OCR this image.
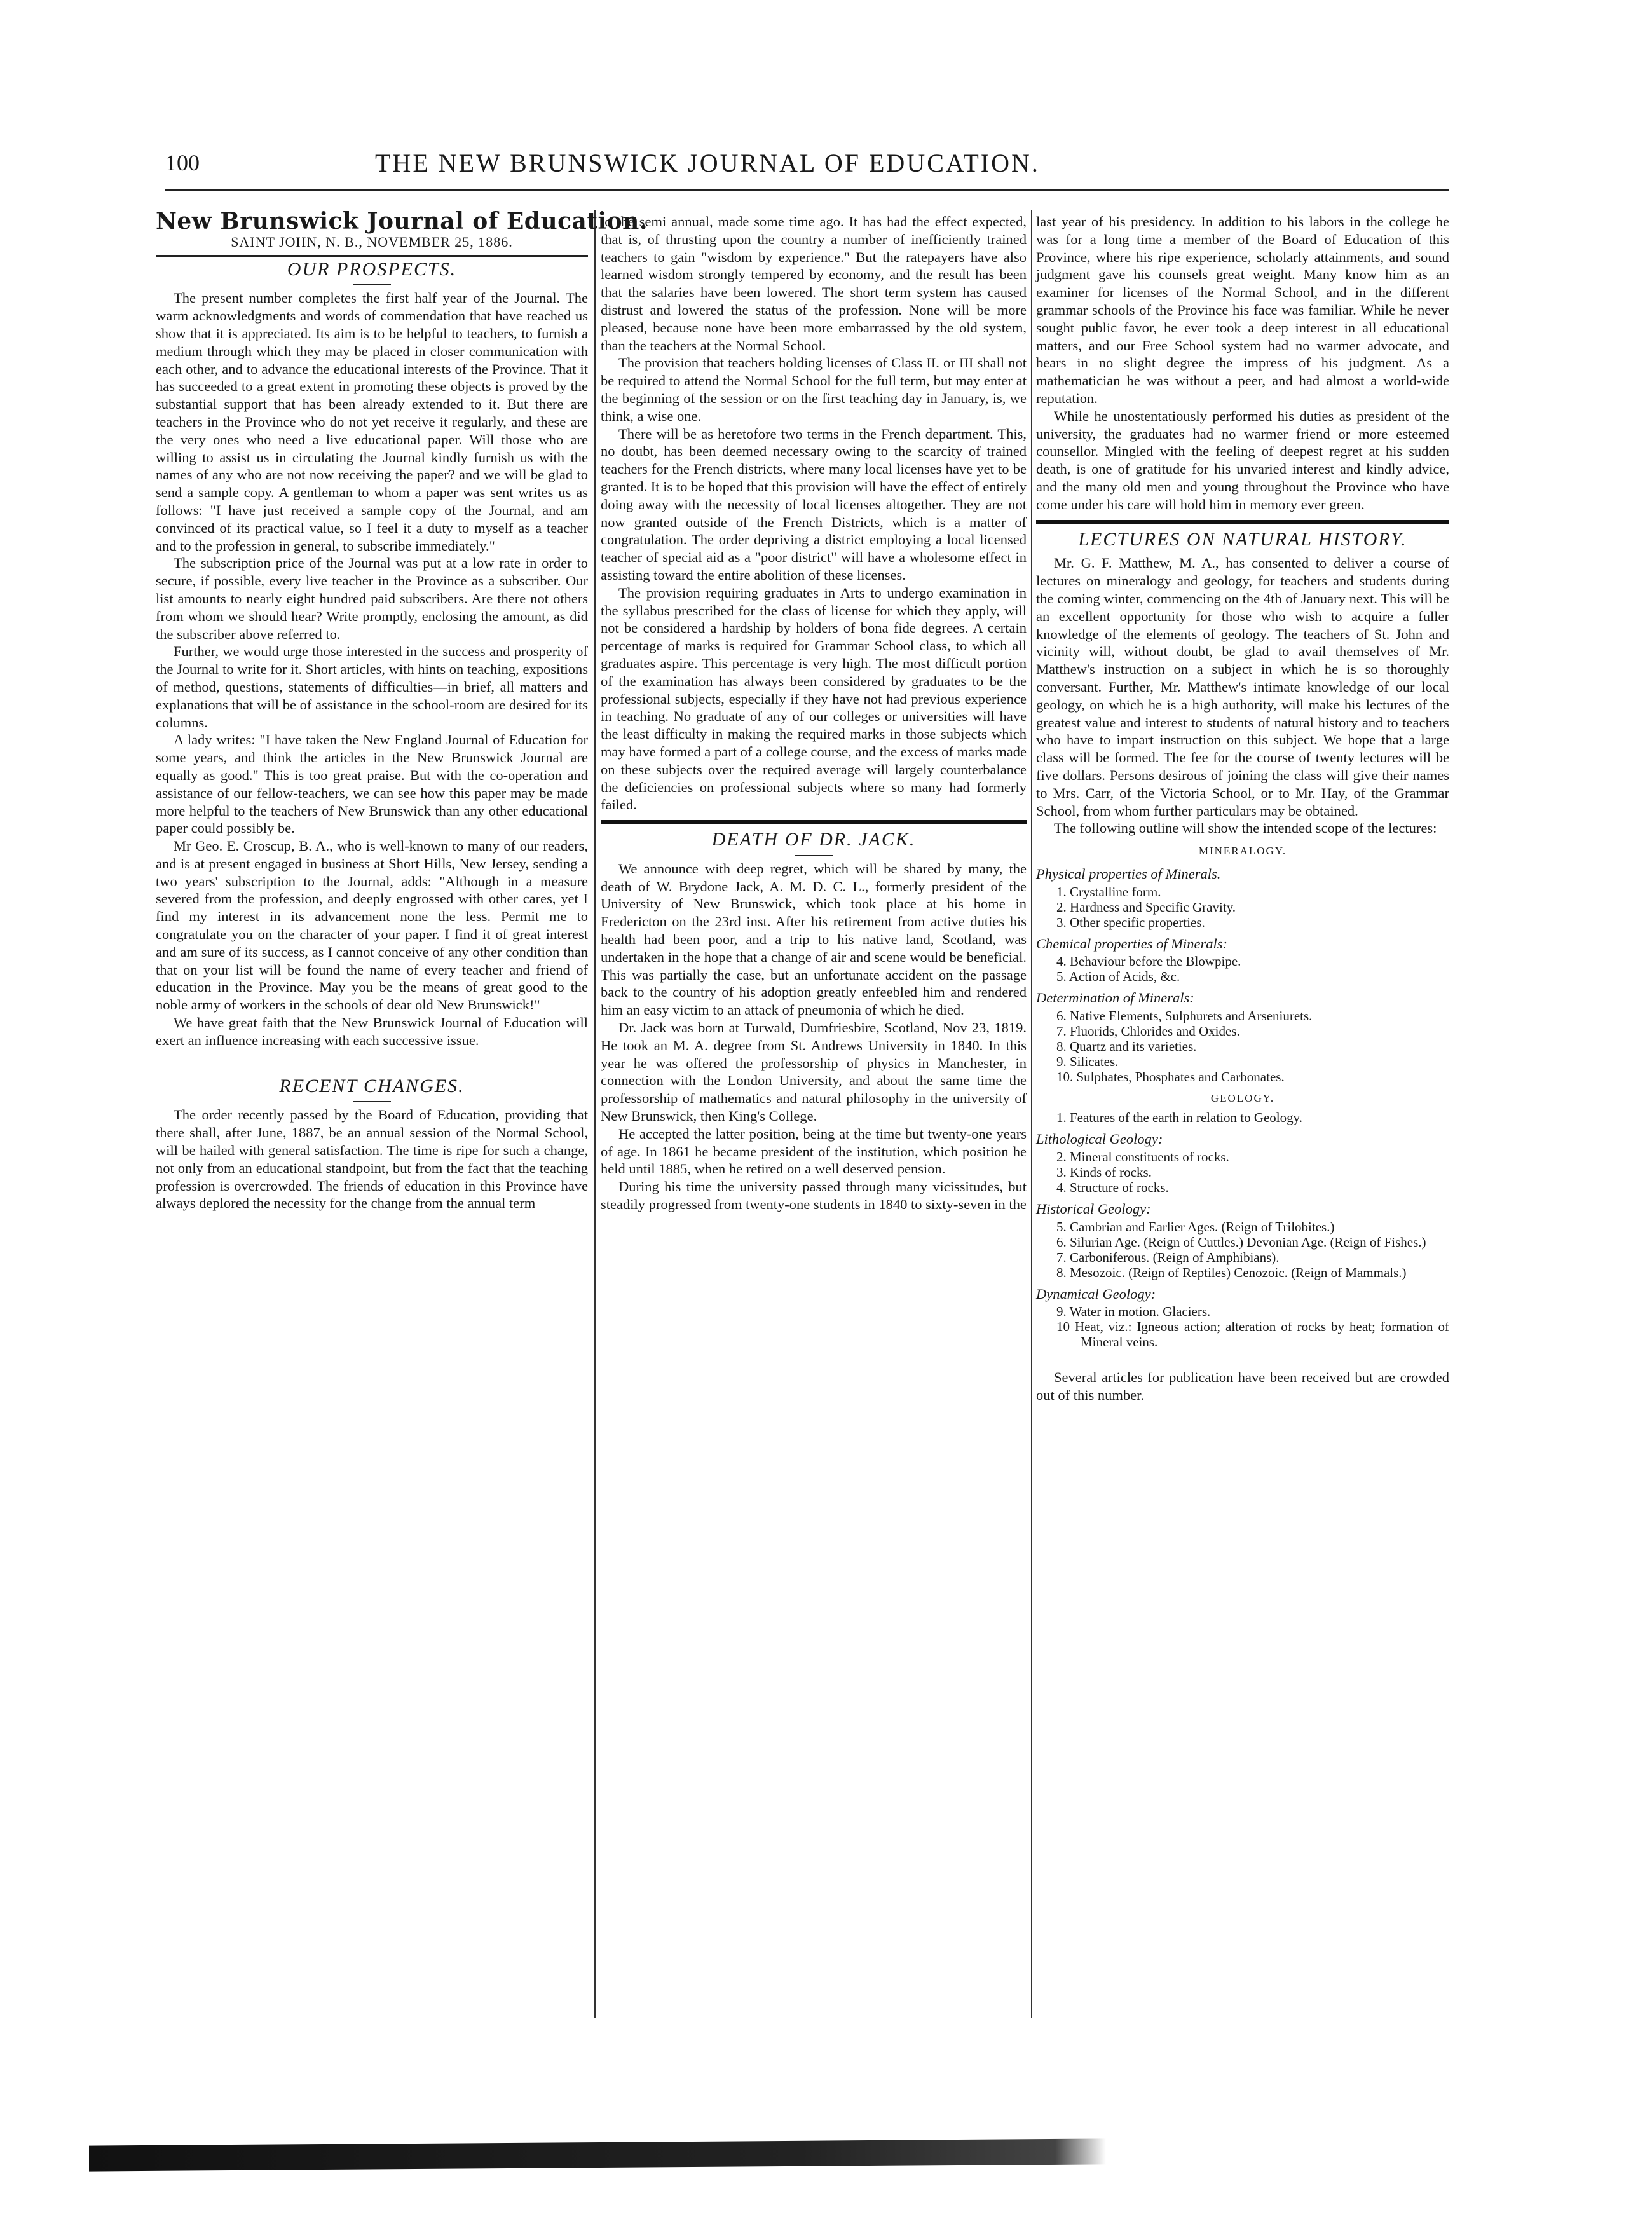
100	THE NEW BRUNSWICK JOURNAL OF EDUCATION.
New Brunswick Journal of Education.
SAINT JOHN, N. B., NOVEMBER 25, 1886.
OUR PROSPECTS.

The present number completes the first half year of the Journal. The warm acknowledgments and words of commendation that have reached us show that it is appreciated. Its aim is to be helpful to teachers, to furnish a medium through which they may be placed in closer communication with each other, and to advance the educational interests of the Province. That it has succeeded to a great extent in promoting these objects is proved by the substantial support that has been already extended to it. But there are teachers in the Province who do not yet receive it regularly, and these are the very ones who need a live educational paper. Will those who are willing to assist us in circulating the Journal kindly furnish us with the names of any who are not now receiving the paper? and we will be glad to send a sample copy. A gentleman to whom a paper was sent writes us as follows: "I have just received a sample copy of the Journal, and am convinced of its practical value, so I feel it a duty to myself as a teacher and to the profession in general, to subscribe immediately."

The subscription price of the Journal was put at a low rate in order to secure, if possible, every live teacher in the Province as a subscriber. Our list amounts to nearly eight hundred paid subscribers. Are there not others from whom we should hear? Write promptly, enclosing the amount, as did the subscriber above referred to.

Further, we would urge those interested in the success and prosperity of the Journal to write for it. Short articles, with hints on teaching, expositions of method, questions, statements of difficulties—in brief, all matters and explanations that will be of assistance in the school-room are desired for its columns.

A lady writes: "I have taken the New England Journal of Education for some years, and think the articles in the New Brunswick Journal are equally as good." This is too great praise. But with the co-operation and assistance of our fellow-teachers, we can see how this paper may be made more helpful to the teachers of New Brunswick than any other educational paper could possibly be.

Mr Geo. E. Croscup, B. A., who is well-known to many of our readers, and is at present engaged in business at Short Hills, New Jersey, sending a two years' subscription to the Journal, adds: "Although in a measure severed from the profession, and deeply engrossed with other cares, yet I find my interest in its advancement none the less. Permit me to congratulate you on the character of your paper. I find it of great interest and am sure of its success, as I cannot conceive of any other condition than that on your list will be found the name of every teacher and friend of education in the Province. May you be the means of great good to the noble army of workers in the schools of dear old New Brunswick!"

We have great faith that the New Brunswick Journal of Education will exert an influence increasing with each successive issue.

RECENT CHANGES.

The order recently passed by the Board of Education, providing that there shall, after June, 1887, be an annual session of the Normal School, will be hailed with general satisfaction. The time is ripe for such a change, not only from an educational standpoint, but from the fact that the teaching profession is overcrowded. The friends of education in this Province have always deplored the necessity for the change from the annual term

to the semi annual, made some time ago. It has had the effect expected, that is, of thrusting upon the country a number of inefficiently trained teachers to gain "wisdom by experience." But the ratepayers have also learned wisdom strongly tempered by economy, and the result has been that the salaries have been lowered. The short term system has caused distrust and lowered the status of the profession. None will be more pleased, because none have been more embarrassed by the old system, than the teachers at the Normal School.

The provision that teachers holding licenses of Class II. or III shall not be required to attend the Normal School for the full term, but may enter at the beginning of the session or on the first teaching day in January, is, we think, a wise one.

There will be as heretofore two terms in the French department. This, no doubt, has been deemed necessary owing to the scarcity of trained teachers for the French districts, where many local licenses have yet to be granted. It is to be hoped that this provision will have the effect of entirely doing away with the necessity of local licenses altogether. They are not now granted outside of the French Districts, which is a matter of congratulation. The order depriving a district employing a local licensed teacher of special aid as a "poor district" will have a wholesome effect in assisting toward the entire abolition of these licenses.

The provision requiring graduates in Arts to undergo examination in the syllabus prescribed for the class of license for which they apply, will not be considered a hardship by holders of bona fide degrees. A certain percentage of marks is required for Grammar School class, to which all graduates aspire. This percentage is very high. The most difficult portion of the examination has always been considered by graduates to be the professional subjects, especially if they have not had previous experience in teaching. No graduate of any of our colleges or universities will have the least difficulty in making the required marks in those subjects which may have formed a part of a college course, and the excess of marks made on these subjects over the required average will largely counterbalance the deficiencies on professional subjects where so many had formerly failed.

DEATH OF DR. JACK.

We announce with deep regret, which will be shared by many, the death of W. Brydone Jack, A. M. D. C. L., formerly president of the University of New Brunswick, which took place at his home in Fredericton on the 23rd inst. After his retirement from active duties his health had been poor, and a trip to his native land, Scotland, was undertaken in the hope that a change of air and scene would be beneficial. This was partially the case, but an unfortunate accident on the passage back to the country of his adoption greatly enfeebled him and rendered him an easy victim to an attack of pneumonia of which he died.

Dr. Jack was born at Turwald, Dumfriesbire, Scotland, Nov 23, 1819. He took an M. A. degree from St. Andrews University in 1840. In this year he was offered the professorship of physics in Manchester, in connection with the London University, and about the same time the professorship of mathematics and natural philosophy in the university of New Brunswick, then King's College.

He accepted the latter position, being at the time but twenty-one years of age. In 1861 he became president of the institution, which position he held until 1885, when he retired on a well deserved pension.

During his time the university passed through many vicissitudes, but steadily progressed from twenty-one students in 1840 to sixty-seven in the

last year of his presidency. In addition to his labors in the college he was for a long time a member of the Board of Education of this Province, where his ripe experience, scholarly attainments, and sound judgment gave his counsels great weight. Many know him as an examiner for licenses of the Normal School, and in the different grammar schools of the Province his face was familiar. While he never sought public favor, he ever took a deep interest in all educational matters, and our Free School system had no warmer advocate, and bears in no slight degree the impress of his judgment. As a mathematician he was without a peer, and had almost a world-wide reputation.

While he unostentatiously performed his duties as president of the university, the graduates had no warmer friend or more esteemed counsellor. Mingled with the feeling of deepest regret at his sudden death, is one of gratitude for his unvaried interest and kindly advice, and the many old men and young throughout the Province who have come under his care will hold him in memory ever green.

LECTURES ON NATURAL HISTORY.

Mr. G. F. Matthew, M. A., has consented to deliver a course of lectures on mineralogy and geology, for teachers and students during the coming winter, commencing on the 4th of January next. This will be an excellent opportunity for those who wish to acquire a fuller knowledge of the elements of geology. The teachers of St. John and vicinity will, without doubt, be glad to avail themselves of Mr. Matthew's instruction on a subject in which he is so thoroughly conversant. Further, Mr. Matthew's intimate knowledge of our local geology, on which he is a high authority, will make his lectures of the greatest value and interest to students of natural history and to teachers who have to impart instruction on this subject. We hope that a large class will be formed. The fee for the course of twenty lectures will be five dollars. Persons desirous of joining the class will give their names to Mrs. Carr, of the Victoria School, or to Mr. Hay, of the Grammar School, from whom further particulars may be obtained.

The following outline will show the intended scope of the lectures:

MINERALOGY.
Physical properties of Minerals.
1. Crystalline form.
2. Hardness and Specific Gravity.
3. Other specific properties.
Chemical properties of Minerals:
4. Behaviour before the Blowpipe.
5. Action of Acids, &c.
Determination of Minerals:
6. Native Elements, Sulphurets and Arseniurets.
7. Fluorids, Chlorides and Oxides.
8. Quartz and its varieties.
9. Silicates.
10. Sulphates, Phosphates and Carbonates.
GEOLOGY.
1. Features of the earth in relation to Geology.
Lithological Geology:
2. Mineral constituents of rocks.
3. Kinds of rocks.
4. Structure of rocks.
Historical Geology:
5. Cambrian and Earlier Ages. (Reign of Trilobites.)
6. Silurian Age. (Reign of Cuttles.) Devonian Age. (Reign of Fishes.)
7. Carboniferous. (Reign of Amphibians).
8. Mesozoic. (Reign of Reptiles) Cenozoic. (Reign of Mammals.)
Dynamical Geology:
9. Water in motion. Glaciers.
10 Heat, viz.: Igneous action; alteration of rocks by heat; formation of Mineral veins.

Several articles for publication have been received but are crowded out of this number.
